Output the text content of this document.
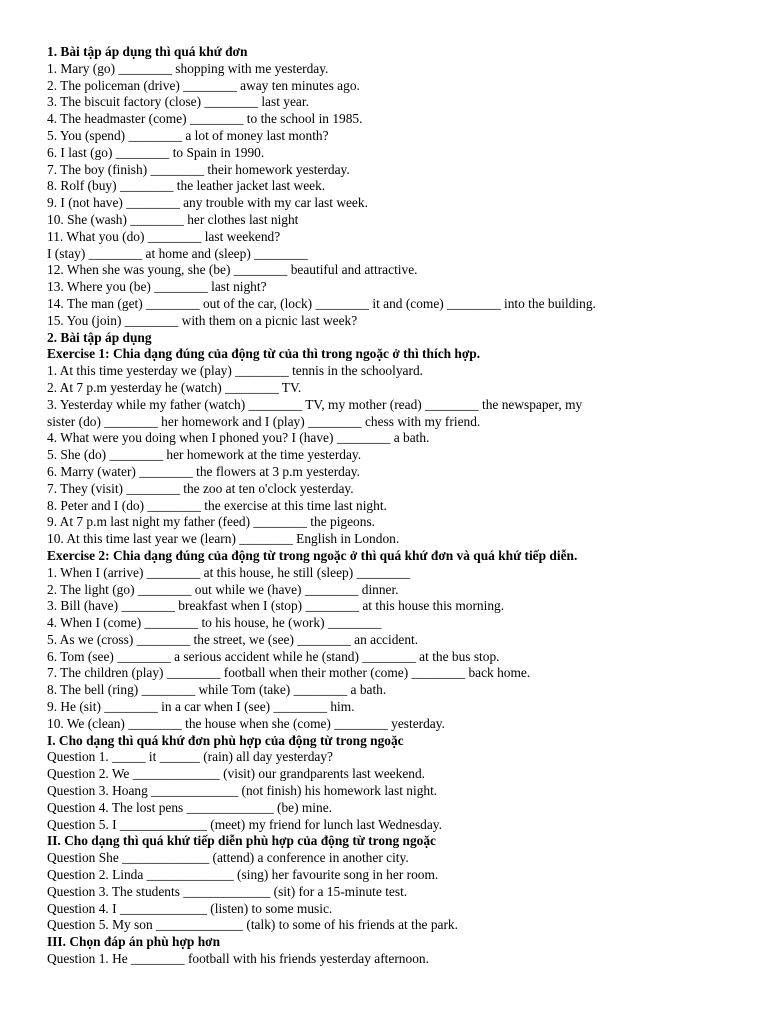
1. Bài tập áp dụng thì quá khứ đơn
1. Mary (go) ________ shopping with me yesterday.
2. The policeman (drive) ________ away ten minutes ago.
3. The biscuit factory (close) ________ last year.
4. The headmaster (come) ________ to the school in 1985.
5. You (spend) ________ a lot of money last month?
6. I last (go) ________ to Spain in 1990.
7. The boy (finish) ________ their homework yesterday.
8. Rolf (buy) ________ the leather jacket last week.
9. I (not have) ________ any trouble with my car last week.
10. She (wash) ________ her clothes last night
11. What you (do) ________ last weekend?
I (stay) ________ at home and (sleep) ________
12. When she was young, she (be) ________ beautiful and attractive.
13. Where you (be) ________ last night?
14. The man (get) ________ out of the car, (lock) ________ it and (come) ________ into the building.
15. You (join) ________ with them on a picnic last week?
2. Bài tập áp dụng
Exercise 1: Chia dạng đúng của động từ của thì trong ngoặc ở thì thích hợp.
1. At this time yesterday we (play) ________ tennis in the schoolyard.
2. At 7 p.m yesterday he (watch) ________ TV.
3. Yesterday while my father (watch) ________ TV, my mother (read) ________ the newspaper, my
sister (do) ________ her homework and I (play) ________ chess with my friend.
4. What were you doing when I phoned you? I (have) ________ a bath.
5. She (do) ________ her homework at the time yesterday.
6. Marry (water) ________ the flowers at 3 p.m yesterday.
7. They (visit) ________ the zoo at ten o'clock yesterday.
8. Peter and I (do) ________ the exercise at this time last night.
9. At 7 p.m last night my father (feed) ________ the pigeons.
10. At this time last year we (learn) ________ English in London.
Exercise 2: Chia dạng đúng của động từ trong ngoặc ở thì quá khứ đơn và quá khứ tiếp diễn.
1. When I (arrive) ________ at this house, he still (sleep) ________
2. The light (go) ________ out while we (have) ________ dinner.
3. Bill (have) ________ breakfast when I (stop) ________ at this house this morning.
4. When I (come) ________ to his house, he (work) ________
5. As we (cross) ________ the street, we (see) ________ an accident.
6. Tom (see) ________ a serious accident while he (stand) ________ at the bus stop.
7. The children (play) ________ football when their mother (come) ________ back home.
8. The bell (ring) ________ while Tom (take) ________ a bath.
9. He (sit) ________ in a car when I (see) ________ him.
10. We (clean) ________ the house when she (come) ________ yesterday.
I. Cho dạng thì quá khứ đơn phù hợp của động từ trong ngoặc
Question 1. _____ it ______ (rain) all day yesterday?
Question 2. We _____________ (visit) our grandparents last weekend.
Question 3. Hoang _____________ (not finish) his homework last night.
Question 4. The lost pens _____________ (be) mine.
Question 5. I _____________ (meet) my friend for lunch last Wednesday.
II. Cho dạng thì quá khứ tiếp diễn phù hợp của động từ trong ngoặc
Question She _____________ (attend) a conference in another city.
Question 2. Linda _____________ (sing) her favourite song in her room.
Question 3. The students _____________ (sit) for a 15-minute test.
Question 4. I _____________ (listen) to some music.
Question 5. My son _____________ (talk) to some of his friends at the park.
III. Chọn đáp án phù hợp hơn
Question 1. He ________ football with his friends yesterday afternoon.
